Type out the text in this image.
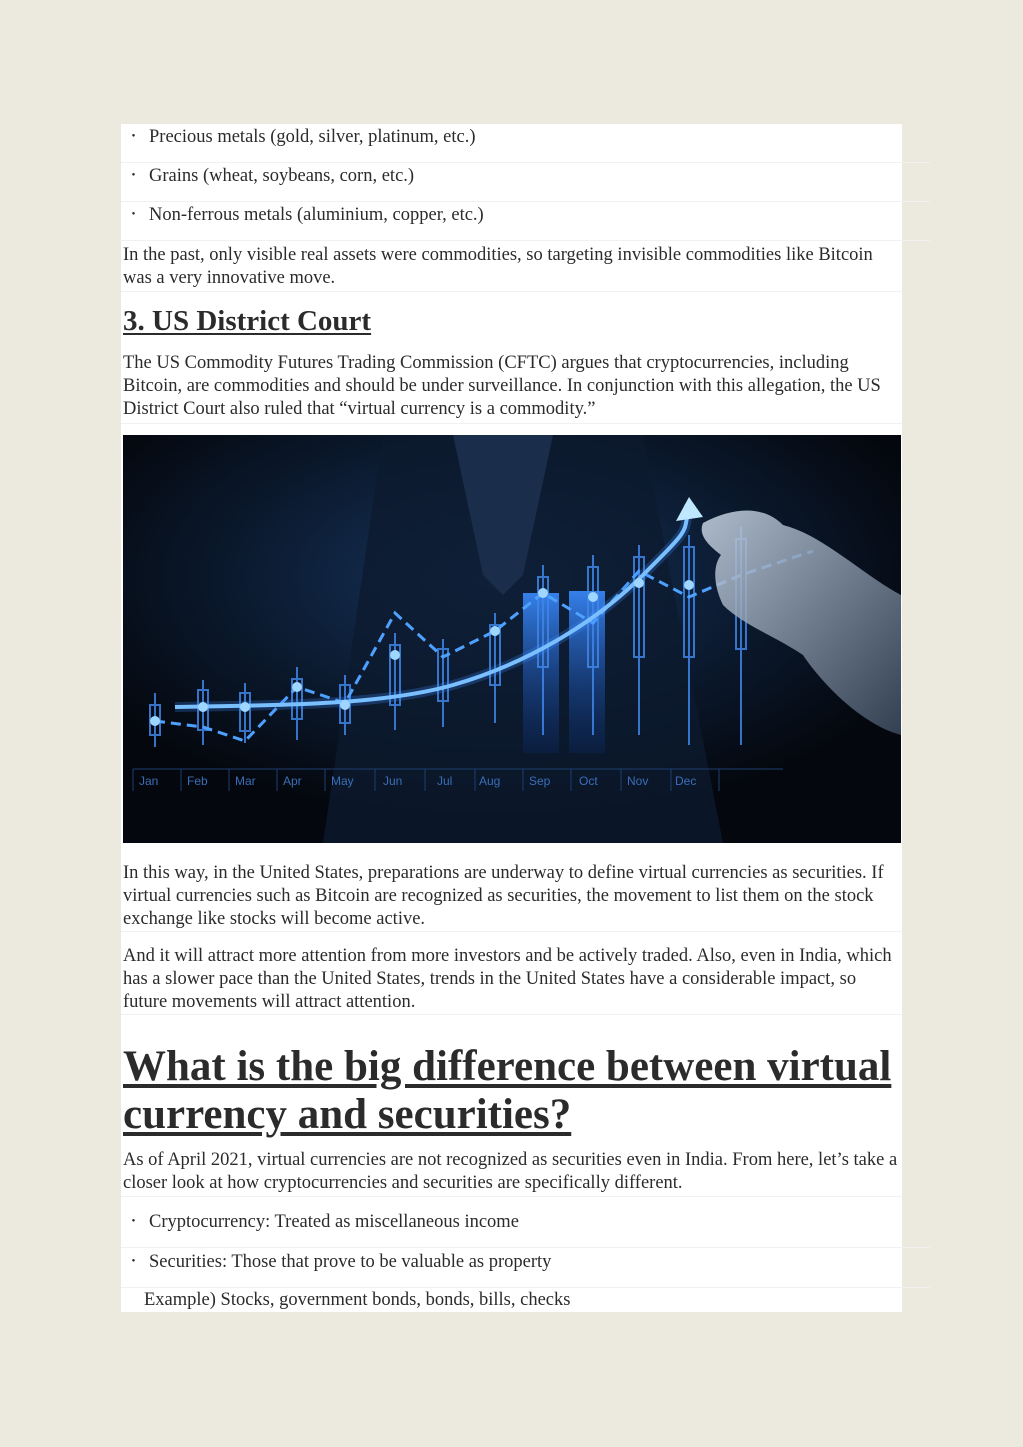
･ Precious metals (gold, silver, platinum, etc.)
･ Grains (wheat, soybeans, corn, etc.)
･ Non-ferrous metals (aluminium, copper, etc.)
In the past, only visible real assets were commodities, so targeting invisible commodities like Bitcoin was a very innovative move.
3. US District Court
The US Commodity Futures Trading Commission (CFTC) argues that cryptocurrencies, including Bitcoin, are commodities and should be under surveillance. In conjunction with this allegation, the US District Court also ruled that “virtual currency is a commodity.”
Jan Feb Mar Apr May Jun	Jul Aug Sep Oct Nov Dec
In this way, in the United States, preparations are underway to define virtual currencies as securities. If virtual currencies such as Bitcoin are recognized as securities, the movement to list them on the stock exchange like stocks will become active.
And it will attract more attention from more investors and be actively traded. Also, even in India, which has a slower pace than the United States, trends in the United States have a considerable impact, so future movements will attract attention.
What is the big difference between virtual currency and securities?
As of April 2021, virtual currencies are not recognized as securities even in India. From here, let’s take a closer look at how cryptocurrencies and securities are specifically different.
･ Cryptocurrency: Treated as miscellaneous income
･ Securities: Those that prove to be valuable as property
Example) Stocks, government bonds, bonds, bills, checks
